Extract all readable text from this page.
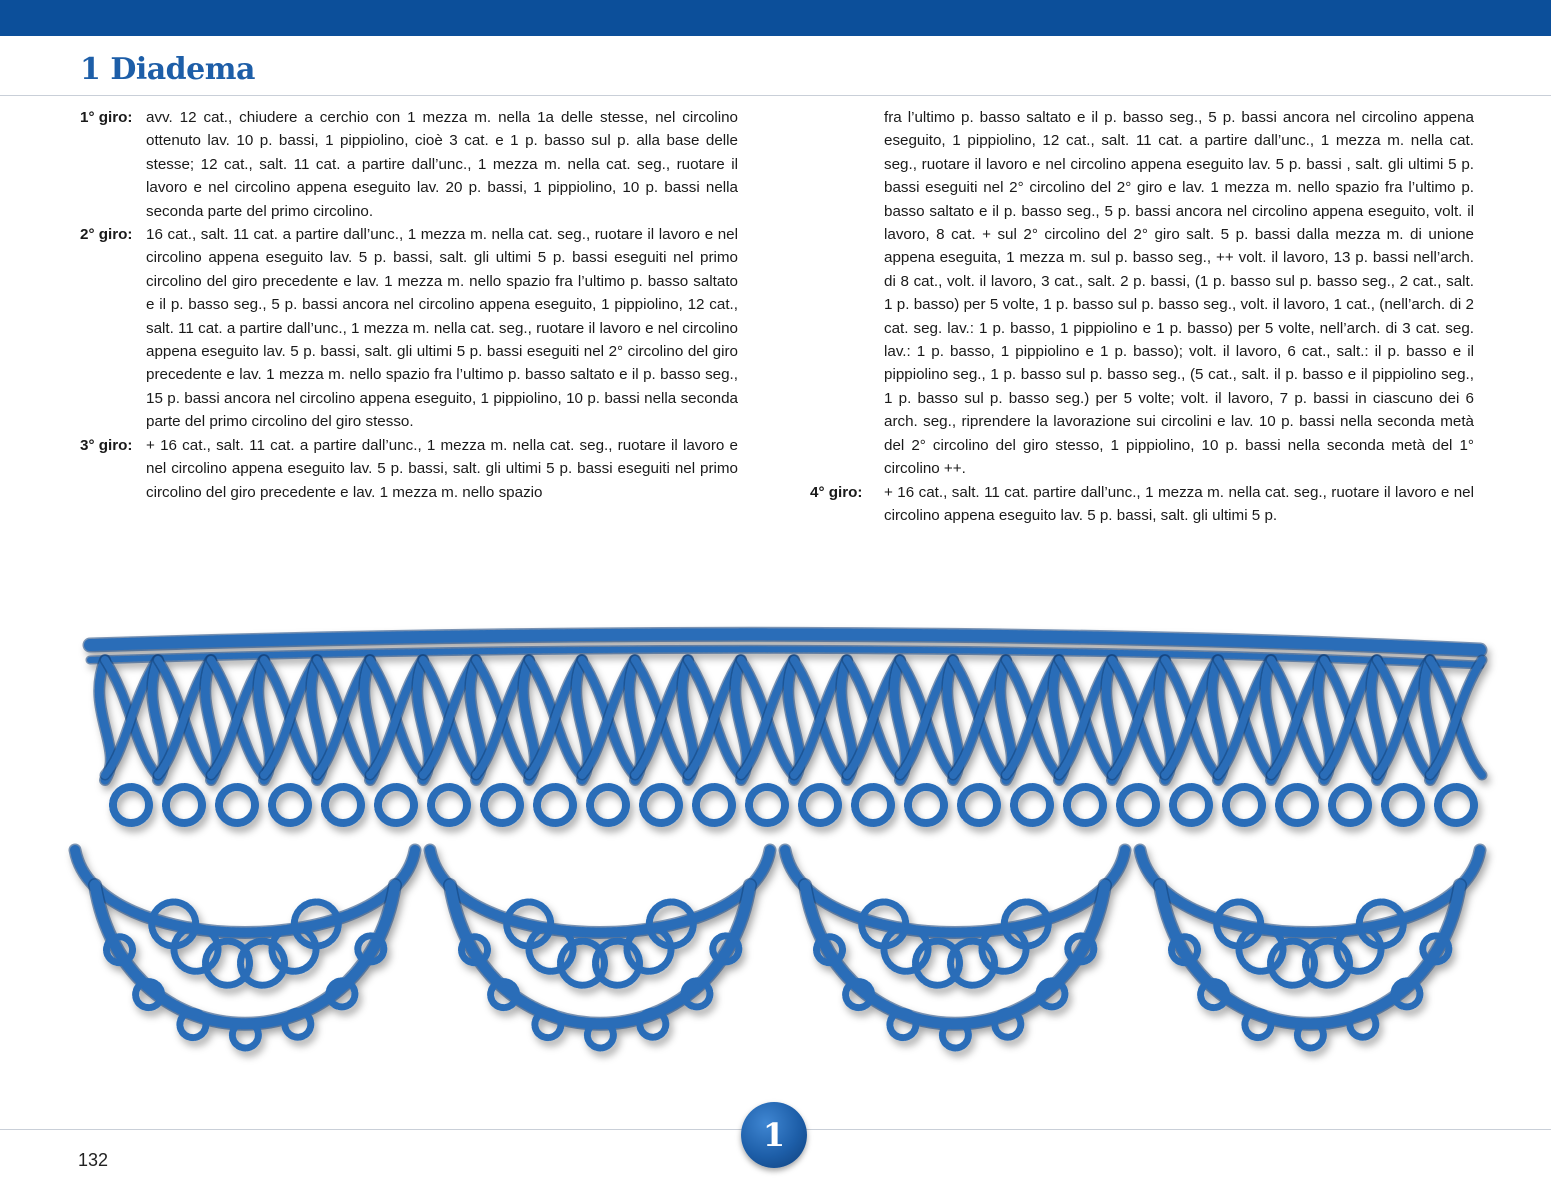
1 Diadema
1° giro: avv. 12 cat., chiudere a cerchio con 1 mezza m. nella 1a delle stesse, nel circolino ottenuto lav. 10 p. bassi, 1 pippiolino, cioè 3 cat. e 1 p. basso sul p. alla base delle stesse; 12 cat., salt. 11 cat. a partire dall’unc., 1 mezza m. nella cat. seg., ruotare il lavoro e nel circolino appena eseguito lav. 20 p. bassi, 1 pippiolino, 10 p. bassi nella seconda parte del primo circolino.

2° giro: 16 cat., salt. 11 cat. a partire dall’unc., 1 mezza m. nella cat. seg., ruotare il lavoro e nel circolino appena eseguito lav. 5 p. bassi, salt. gli ultimi 5 p. bassi eseguiti nel primo circolino del giro precedente e lav. 1 mezza m. nello spazio fra l’ultimo p. basso saltato e il p. basso seg., 5 p. bassi ancora nel circolino appena eseguito, 1 pippiolino, 12 cat., salt. 11 cat. a partire dall’unc., 1 mezza m. nella cat. seg., ruotare il lavoro e nel circolino appena eseguito lav. 5 p. bassi, salt. gli ultimi 5 p. bassi eseguiti nel 2° circolino del giro precedente e lav. 1 mezza m. nello spazio fra l’ultimo p. basso saltato e il p. basso seg., 15 p. bassi ancora nel circolino appena eseguito, 1 pippiolino, 10 p. bassi nella seconda parte del primo circolino del giro stesso.

3° giro: + 16 cat., salt. 11 cat. a partire dall’unc., 1 mezza m. nella cat. seg., ruotare il lavoro e nel circolino appena eseguito lav. 5 p. bassi, salt. gli ultimi 5 p. bassi eseguiti nel primo circolino del giro precedente e lav. 1 mezza m. nello spazio

fra l’ultimo p. basso saltato e il p. basso seg., 5 p. bassi ancora nel circolino appena eseguito, 1 pippiolino, 12 cat., salt. 11 cat. a partire dall’unc., 1 mezza m. nella cat. seg., ruotare il lavoro e nel circolino appena eseguito lav. 5 p. bassi , salt. gli ultimi 5 p. bassi eseguiti nel 2° circolino del 2° giro e lav. 1 mezza m. nello spazio fra l’ultimo p. basso saltato e il p. basso seg., 5 p. bassi ancora nel circolino appena eseguito, volt. il lavoro, 8 cat. + sul 2° circolino del 2° giro salt. 5 p. bassi dalla mezza m. di unione appena eseguita, 1 mezza m. sul p. basso seg., ++ volt. il lavoro, 13 p. bassi nell’arch. di 8 cat., volt. il lavoro, 3 cat., salt. 2 p. bassi, (1 p. basso sul p. basso seg., 2 cat., salt. 1 p. basso) per 5 volte, 1 p. basso sul p. basso seg., volt. il lavoro, 1 cat., (nell’arch. di 2 cat. seg. lav.: 1 p. basso, 1 pippiolino e 1 p. basso) per 5 volte, nell’arch. di 3 cat. seg. lav.: 1 p. basso, 1 pippiolino e 1 p. basso); volt. il lavoro, 6 cat., salt.: il p. basso e il pippiolino seg., 1 p. basso sul p. basso seg., (5 cat., salt. il p. basso e il pippiolino seg., 1 p. basso sul p. basso seg.) per 5 volte; volt. il lavoro, 7 p. bassi in ciascuno dei 6 arch. seg., riprendere la lavorazione sui circolini e lav. 10 p. bassi nella seconda metà del 2° circolino del giro stesso, 1 pippiolino, 10 p. bassi nella seconda metà del 1° circolino ++.

4° giro:	+ 16 cat., salt. 11 cat. partire dall’unc., 1 mezza m. nella cat. seg., ruotare il lavoro e nel circolino appena eseguito lav. 5 p. bassi, salt. gli ultimi 5 p.

132
1
